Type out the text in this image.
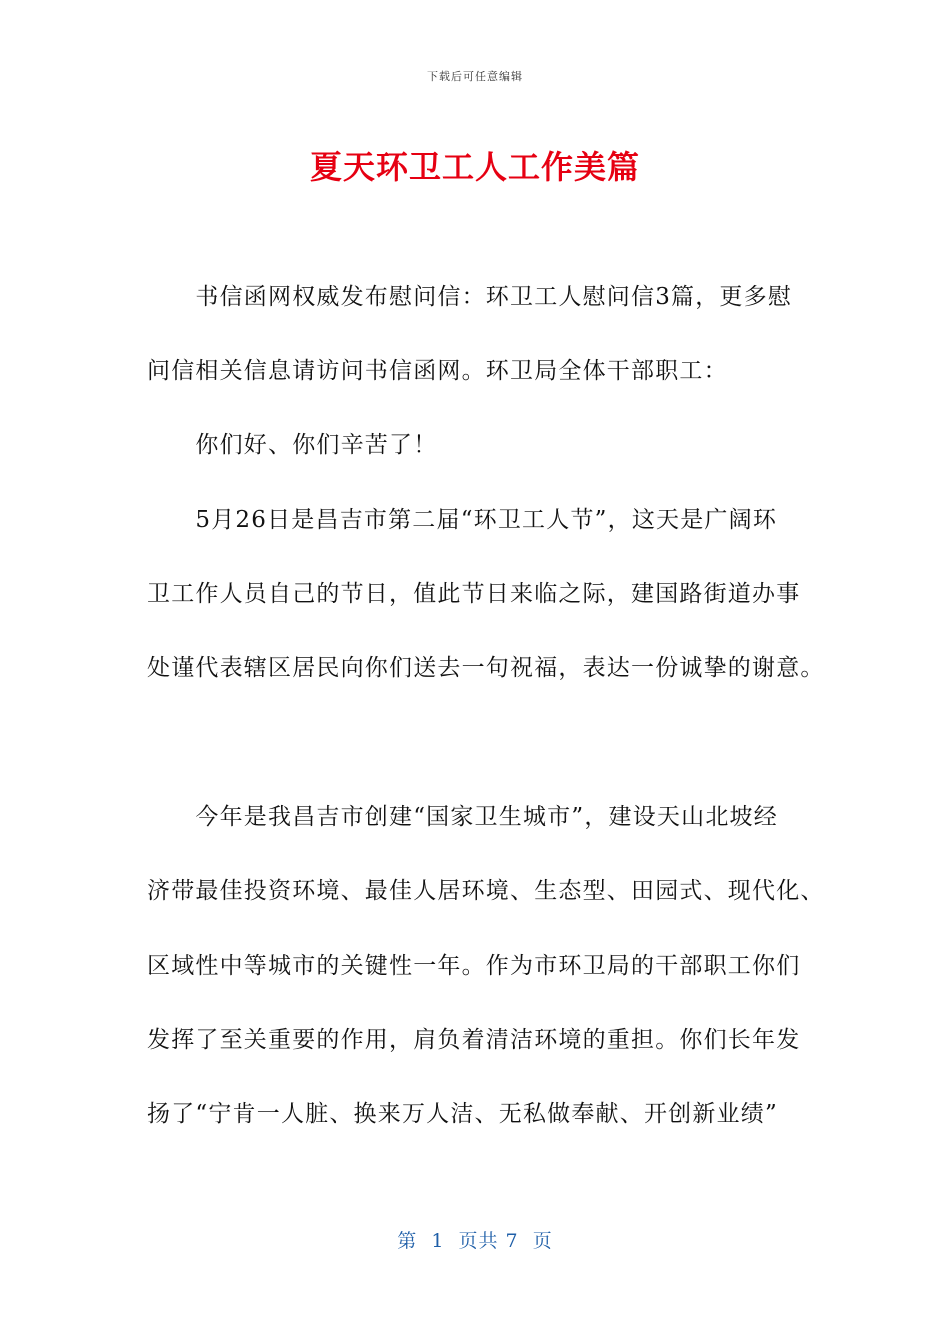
下载后可任意编辑
夏天环卫工人工作美篇
　　书信函网权威发布慰问信：环卫工人慰问信3篇，更多慰
问信相关信息请访问书信函网。环卫局全体干部职工：
　　你们好、你们辛苦了！
　　5月26日是昌吉市第二届“环卫工人节”，这天是广阔环
卫工作人员自己的节日，值此节日来临之际，建国路街道办事
处谨代表辖区居民向你们送去一句祝福，表达一份诚挚的谢意。
　　今年是我昌吉市创建“国家卫生城市”，建设天山北坡经
济带最佳投资环境、最佳人居环境、生态型、田园式、现代化、
区域性中等城市的关键性一年。作为市环卫局的干部职工你们
发挥了至关重要的作用，肩负着清洁环境的重担。你们长年发
扬了“宁肯一人脏、换来万人洁、无私做奉献、开创新业绩”
第  1  页共 7  页
